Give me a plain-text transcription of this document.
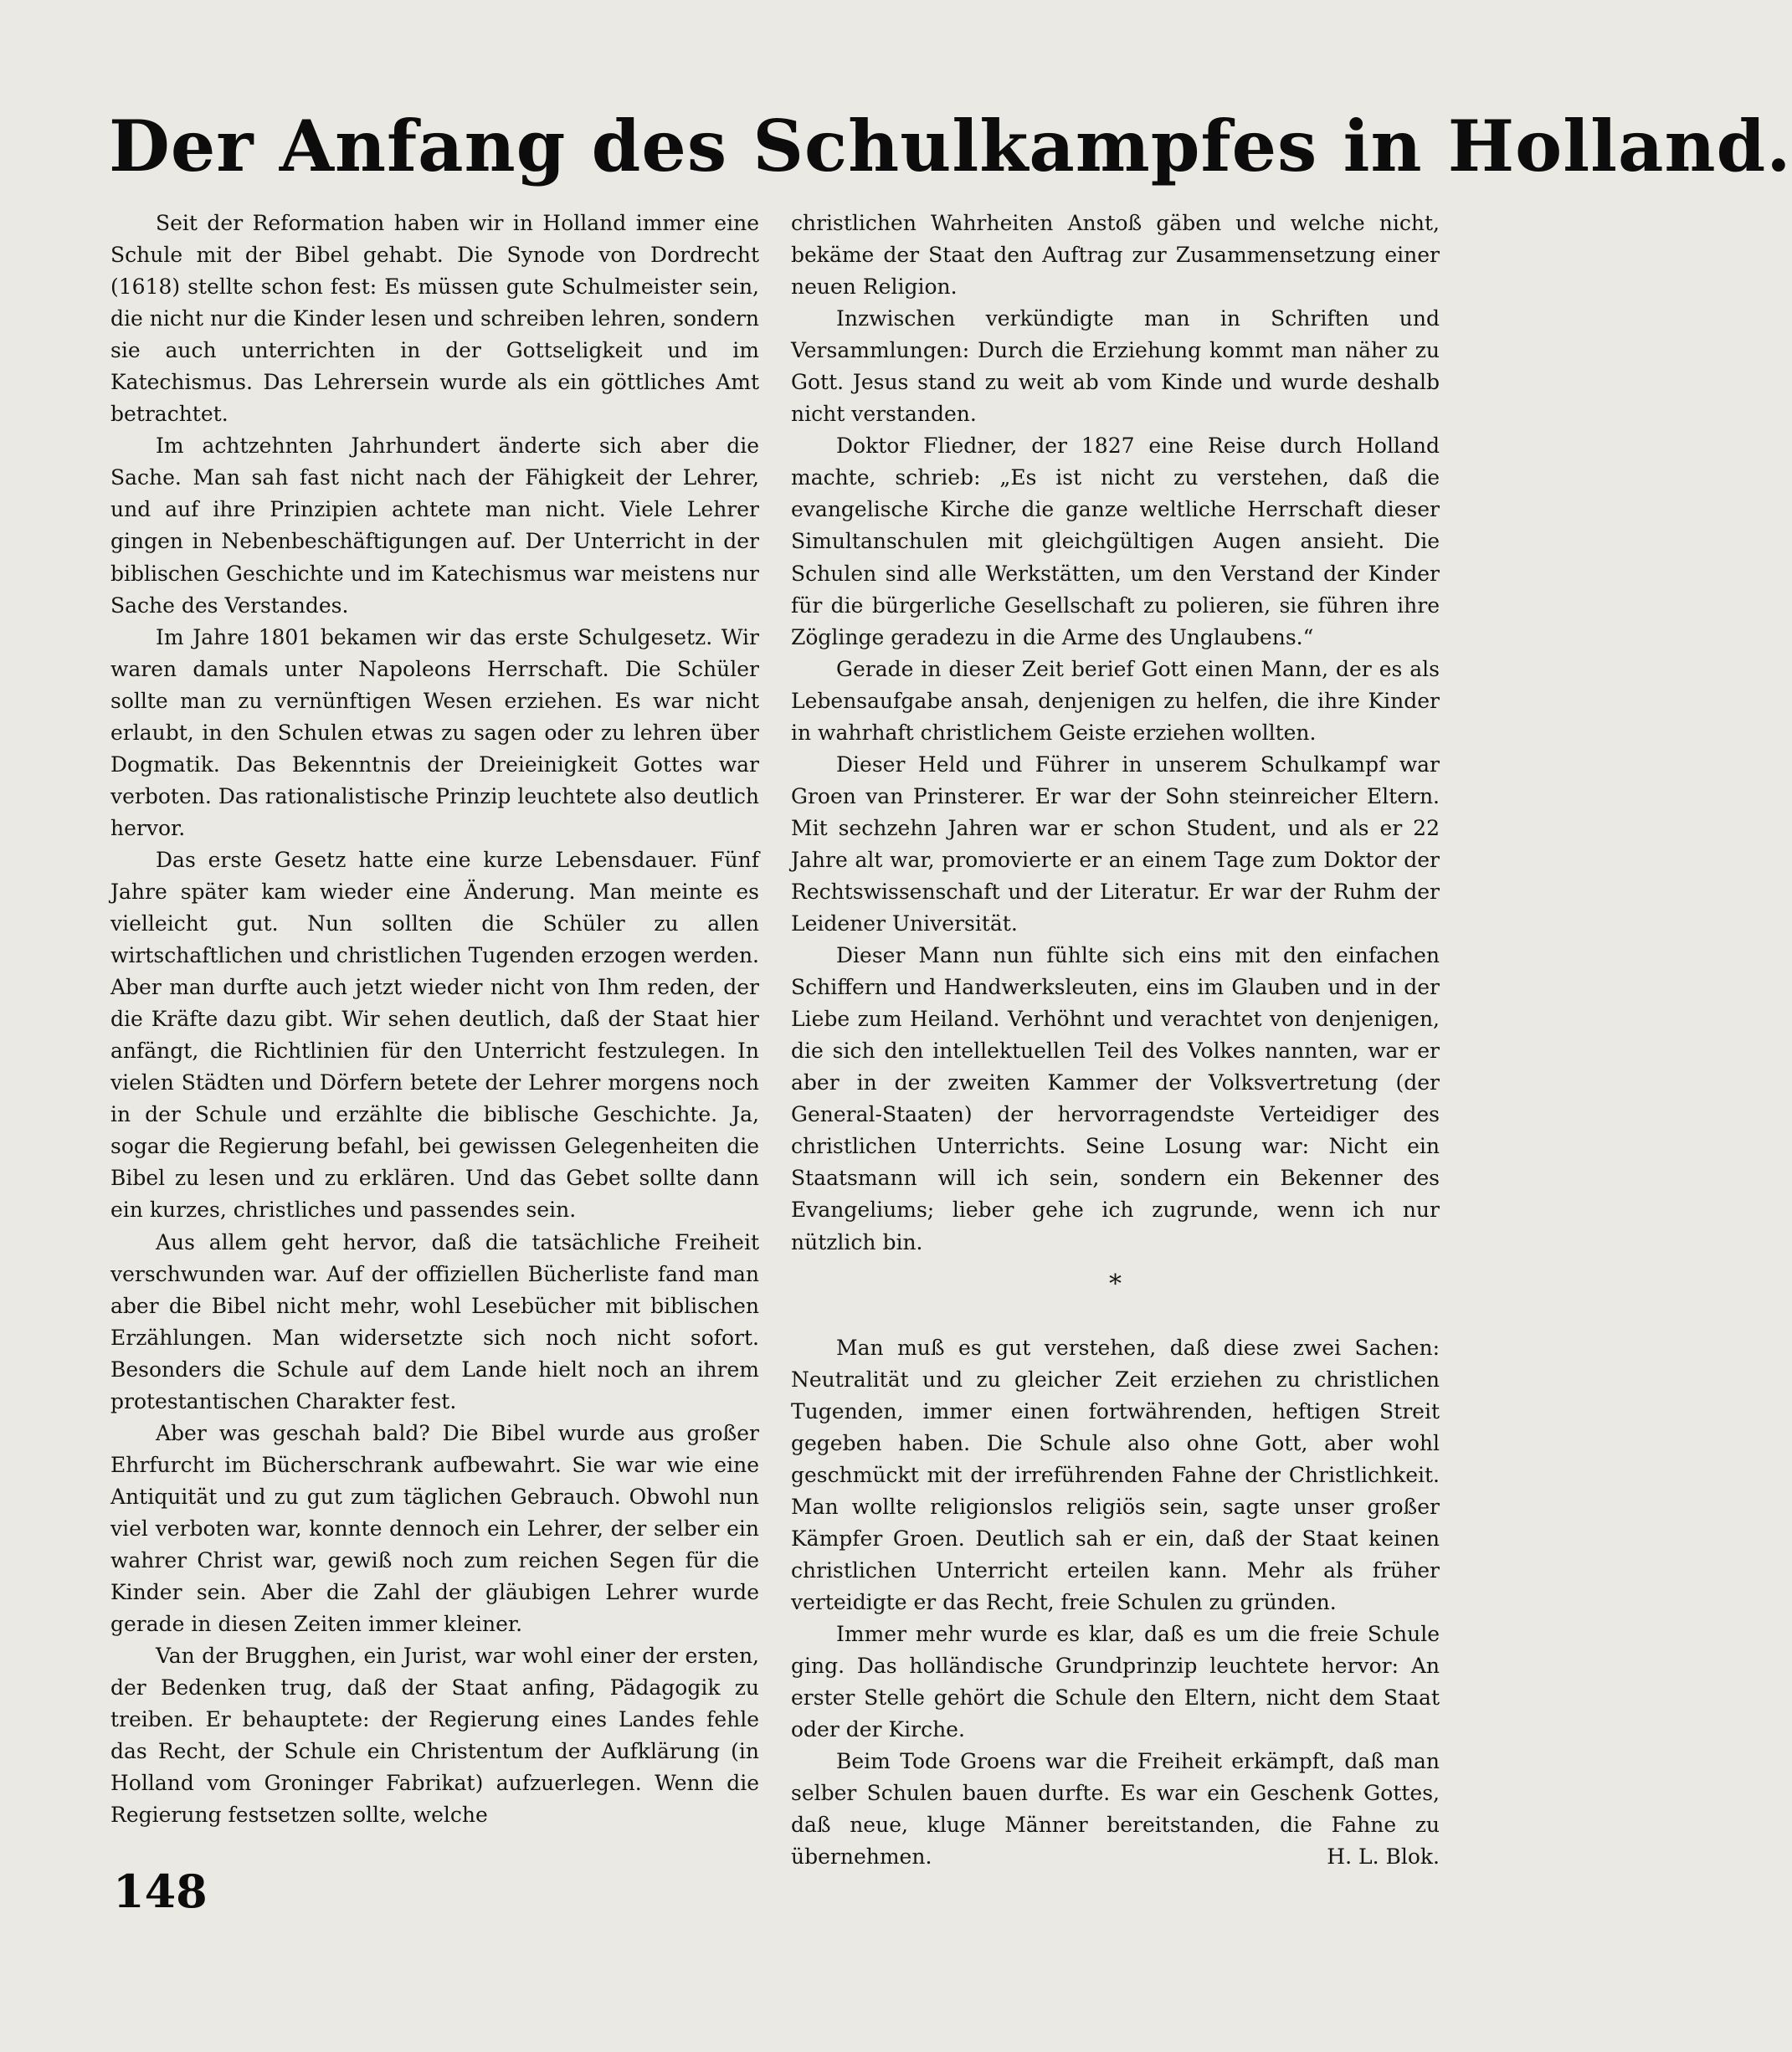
Der Anfang des Schulkampfes in Holland.

Seit der Reformation haben wir in Holland immer eine Schule mit der Bibel gehabt. Die Synode von Dordrecht (1618) stellte schon fest: Es müssen gute Schulmeister sein, die nicht nur die Kinder lesen und schreiben lehren, sondern sie auch unterrichten in der Gottseligkeit und im Katechismus. Das Lehrersein wurde als ein göttliches Amt betrachtet.

Im achtzehnten Jahrhundert änderte sich aber die Sache. Man sah fast nicht nach der Fähigkeit der Lehrer, und auf ihre Prinzipien achtete man nicht. Viele Lehrer gingen in Nebenbeschäftigungen auf. Der Unterricht in der biblischen Geschichte und im Katechismus war meistens nur Sache des Verstandes.

Im Jahre 1801 bekamen wir das erste Schulgesetz. Wir waren damals unter Napoleons Herrschaft. Die Schüler sollte man zu vernünftigen Wesen erziehen. Es war nicht erlaubt, in den Schulen etwas zu sagen oder zu lehren über Dogmatik. Das Bekenntnis der Dreieinigkeit Gottes war verboten. Das rationalistische Prinzip leuchtete also deutlich hervor.

Das erste Gesetz hatte eine kurze Lebensdauer. Fünf Jahre später kam wieder eine Änderung. Man meinte es vielleicht gut. Nun sollten die Schüler zu allen wirtschaftlichen und christlichen Tugenden erzogen werden. Aber man durfte auch jetzt wieder nicht von Ihm reden, der die Kräfte dazu gibt. Wir sehen deutlich, daß der Staat hier anfängt, die Richtlinien für den Unterricht festzulegen. In vielen Städten und Dörfern betete der Lehrer morgens noch in der Schule und erzählte die biblische Geschichte. Ja, sogar die Regierung befahl, bei gewissen Gelegenheiten die Bibel zu lesen und zu erklären. Und das Gebet sollte dann ein kurzes, christliches und passendes sein.

Aus allem geht hervor, daß die tatsächliche Freiheit verschwunden war. Auf der offiziellen Bücherliste fand man aber die Bibel nicht mehr, wohl Lesebücher mit biblischen Erzählungen. Man widersetzte sich noch nicht sofort. Besonders die Schule auf dem Lande hielt noch an ihrem protestantischen Charakter fest.

Aber was geschah bald? Die Bibel wurde aus großer Ehrfurcht im Bücherschrank aufbewahrt. Sie war wie eine Antiquität und zu gut zum täglichen Gebrauch. Obwohl nun viel verboten war, konnte dennoch ein Lehrer, der selber ein wahrer Christ war, gewiß noch zum reichen Segen für die Kinder sein. Aber die Zahl der gläubigen Lehrer wurde gerade in diesen Zeiten immer kleiner.

Van der Brugghen, ein Jurist, war wohl einer der ersten, der Bedenken trug, daß der Staat anfing, Pädagogik zu treiben. Er behauptete: der Regierung eines Landes fehle das Recht, der Schule ein Christentum der Aufklärung (in Holland vom Groninger Fabrikat) aufzuerlegen. Wenn die Regierung festsetzen sollte, welche

christlichen Wahrheiten Anstoß gäben und welche nicht, bekäme der Staat den Auftrag zur Zusammensetzung einer neuen Religion.

Inzwischen verkündigte man in Schriften und Versammlungen: Durch die Erziehung kommt man näher zu Gott. Jesus stand zu weit ab vom Kinde und wurde deshalb nicht verstanden.

Doktor Fliedner, der 1827 eine Reise durch Holland machte, schrieb: „Es ist nicht zu verstehen, daß die evangelische Kirche die ganze weltliche Herrschaft dieser Simultanschulen mit gleichgültigen Augen ansieht. Die Schulen sind alle Werkstätten, um den Verstand der Kinder für die bürgerliche Gesellschaft zu polieren, sie führen ihre Zöglinge geradezu in die Arme des Unglaubens.“

Gerade in dieser Zeit berief Gott einen Mann, der es als Lebensaufgabe ansah, denjenigen zu helfen, die ihre Kinder in wahrhaft christlichem Geiste erziehen wollten.

Dieser Held und Führer in unserem Schulkampf war Groen van Prinsterer. Er war der Sohn steinreicher Eltern. Mit sechzehn Jahren war er schon Student, und als er 22 Jahre alt war, promovierte er an einem Tage zum Doktor der Rechtswissenschaft und der Literatur. Er war der Ruhm der Leidener Universität.

Dieser Mann nun fühlte sich eins mit den einfachen Schiffern und Handwerksleuten, eins im Glauben und in der Liebe zum Heiland. Verhöhnt und verachtet von denjenigen, die sich den intellektuellen Teil des Volkes nannten, war er aber in der zweiten Kammer der Volksvertretung (der General-Staaten) der hervorragendste Verteidiger des christlichen Unterrichts. Seine Losung war: Nicht ein Staatsmann will ich sein, sondern ein Bekenner des Evangeliums; lieber gehe ich zugrunde, wenn ich nur nützlich bin.

*

Man muß es gut verstehen, daß diese zwei Sachen: Neutralität und zu gleicher Zeit erziehen zu christlichen Tugenden, immer einen fortwährenden, heftigen Streit gegeben haben. Die Schule also ohne Gott, aber wohl geschmückt mit der irreführenden Fahne der Christlichkeit. Man wollte religionslos religiös sein, sagte unser großer Kämpfer Groen. Deutlich sah er ein, daß der Staat keinen christlichen Unterricht erteilen kann. Mehr als früher verteidigte er das Recht, freie Schulen zu gründen.

Immer mehr wurde es klar, daß es um die freie Schule ging. Das holländische Grundprinzip leuchtete hervor: An erster Stelle gehört die Schule den Eltern, nicht dem Staat oder der Kirche.

Beim Tode Groens war die Freiheit erkämpft, daß man selber Schulen bauen durfte. Es war ein Geschenk Gottes, daß neue, kluge Männer bereitstanden, die Fahne zu übernehmen.	H. L. Blok.

148
